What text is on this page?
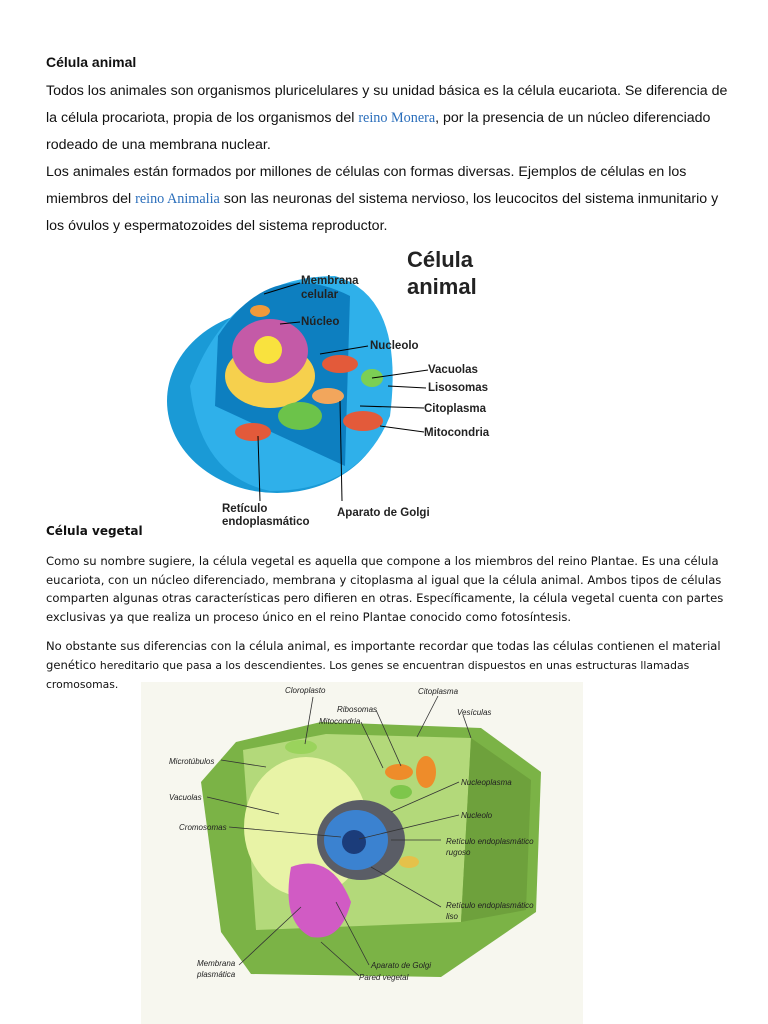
Célula animal
Todos los animales son organismos pluricelulares y su unidad básica es la célula eucariota. Se diferencia de la célula procariota, propia de los organismos del reino Monera, por la presencia de un núcleo diferenciado rodeado de una membrana nuclear.
Los animales están formados por millones de células con formas diversas. Ejemplos de células en los miembros del reino Animalia son las neuronas del sistema nervioso, los leucocitos del sistema inmunitario y los óvulos y espermatozoides del sistema reproductor.
Célula
animal
Membrana
celular
Núcleo
Nucleolo
Vacuolas
Lisosomas
Citoplasma
Mitocondria
Retículo
endoplasmático
Aparato de Golgi
Célula vegetal
Como su nombre sugiere, la célula vegetal es aquella que compone a los miembros del reino Plantae. Es una célula eucariota, con un núcleo diferenciado, membrana y citoplasma al igual que la célula animal. Ambos tipos de células comparten algunas otras características pero difieren en otras. Específicamente, la célula vegetal cuenta con partes exclusivas ya que realiza un proceso único en el reino Plantae conocido como fotosíntesis.
No obstante sus diferencias con la célula animal, es importante recordar que todas las células contienen el material genético hereditario que pasa a los descendientes. Los genes se encuentran dispuestos en unas estructuras llamadas cromosomas.	Cloroplasto	Citoplasma
Ribosomas
Mitocondria
Vesículas
Microtúbulos
Nucleoplasma
Vacuolas
Nucleolo
Cromosomas
Retículo endoplasmático
rugoso
Retículo endoplasmático
liso
Membrana
plasmática
Aparato de Golgi
Pared vegetal
